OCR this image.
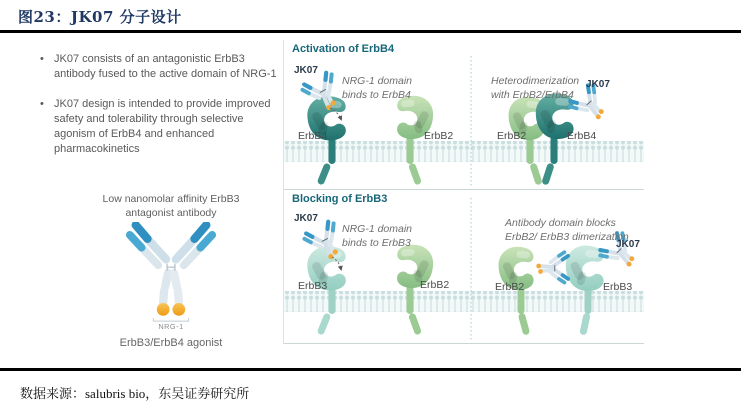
图23：JK07 分子设计
• JK07 consists of an antagonistic ErbB3 antibody fused to the active domain of NRG-1
• JK07 design is intended to provide improved safety and tolerability through selective agonism of ErbB4 and enhanced pharmacokinetics
Low nanomolar affinity ErbB3 antagonist antibody
NRG-1
ErbB3/ErbB4 agonist
Activation of ErbB4
JK07
NRG-1 domain
binds to ErbB4
ErbB4	ErbB2
Heterodimerization
with ErbB2/ErbB4
JK07
ErbB2	ErbB4
Blocking of ErbB3
JK07
NRG-1 domain
binds to ErbB3
ErbB3	ErbB2
Antibody domain blocks
ErbB2/ ErbB3 dimerization
JK07
ErbB2	ErbB3
数据来源：salubris bio，东吴证券研究所
